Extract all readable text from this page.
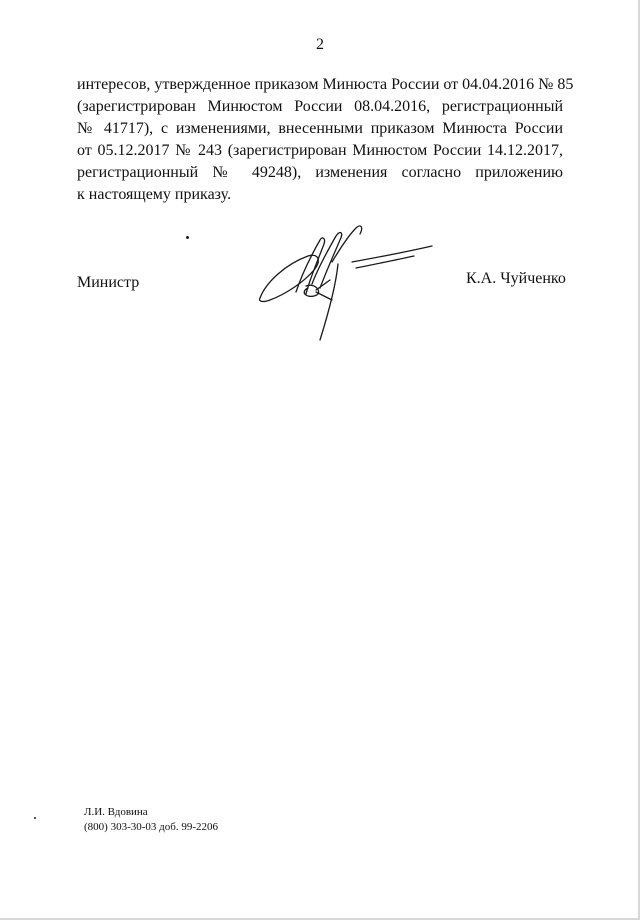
2
интересов, утвержденное приказом Минюста России от 04.04.2016 № 85
(зарегистрирован Минюстом России 08.04.2016, регистрационный
№ 41717), с изменениями, внесенными приказом Минюста России
от 05.12.2017 № 243 (зарегистрирован Минюстом России 14.12.2017,
регистрационный № 49248), изменения согласно приложению
к настоящему приказу.
Министр	К.А. Чуйченко
Л.И. Вдовина
(800) 303-30-03 доб. 99-2206
